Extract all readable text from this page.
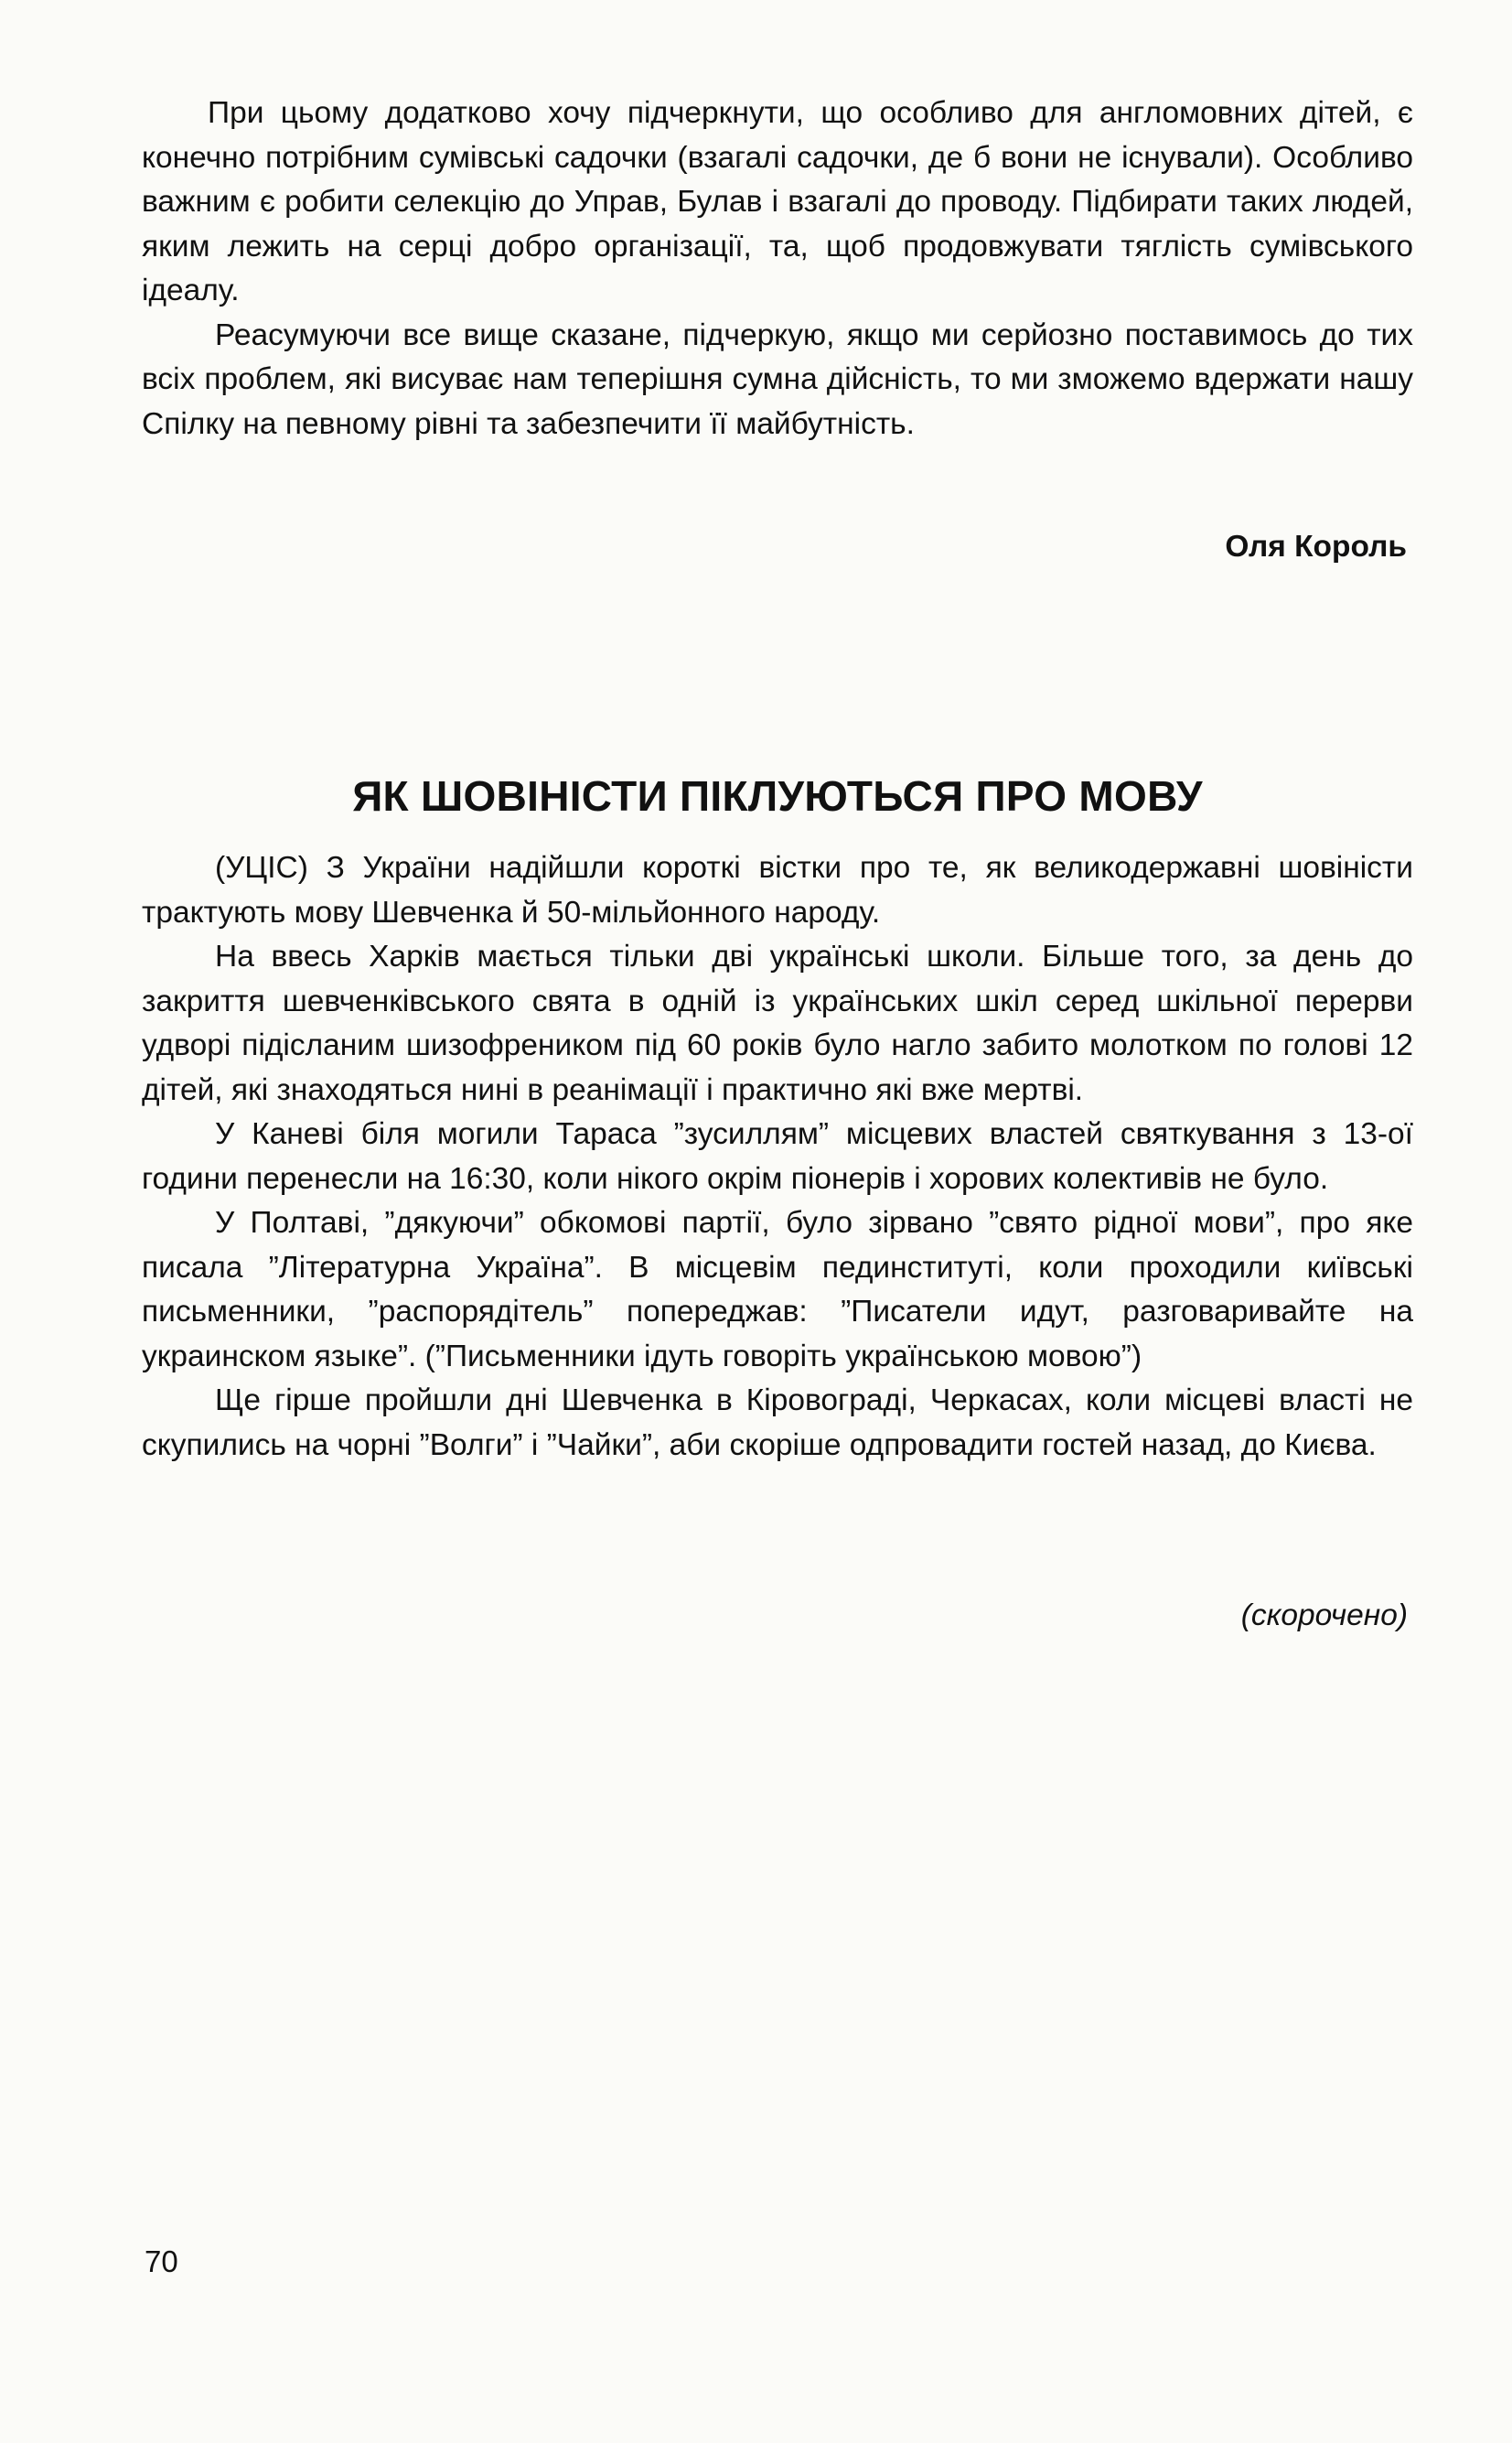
При цьому додатково хочу підчеркнути, що особливо для англомовних дітей, є конечно потрібним сумівські садочки (взагалі садочки, де б вони не існували). Особливо важним є робити селекцію до Управ, Булав і взагалі до проводу. Підбирати таких людей, яким лежить на серці добро організації, та, щоб продовжувати тяглість сумівського ідеалу.

Реасумуючи все вище сказане, підчеркую, якщо ми серйозно поставимось до тих всіх проблем, які висуває нам теперішня сумна дійсність, то ми зможемо вдержати нашу Спілку на певному рівні та забезпечити її майбутність.

Оля Король
ЯК ШОВІНІСТИ ПІКЛУЮТЬСЯ ПРО МОВУ

(УЦІС) З України надійшли короткі вістки про те, як великодержавні шовіністи трактують мову Шевченка й 50-мільйонного народу.

На ввесь Харків мається тільки дві українські школи. Більше того, за день до закриття шевченківського свята в одній із українських шкіл серед шкільної перерви удворі підісланим шизофреником під 60 років було нагло забито молотком по голові 12 дітей, які знаходяться нині в реанімації і практично які вже мертві.

У Каневі біля могили Тараса ”зусиллям” місцевих властей святкування з 13-ої години перенесли на 16:30, коли нікого окрім піонерів і хорових колективів не було.

У Полтаві, ”дякуючи” обкомові партії, було зірвано ”свято рідної мови”, про яке писала ”Літературна Україна”. В місцевім пединституті, коли проходили київські письменники, ”распорядітель” попереджав: ”Писатели идут, разговаривайте на украинском языке”. (”Письменники ідуть говоріть українською мовою”)

Ще гірше пройшли дні Шевченка в Кіровограді, Черкасах, коли місцеві власті не скупились на чорні ”Волги” і ”Чайки”, аби скоріше одпровадити гостей назад, до Києва.

(скорочено)
70
